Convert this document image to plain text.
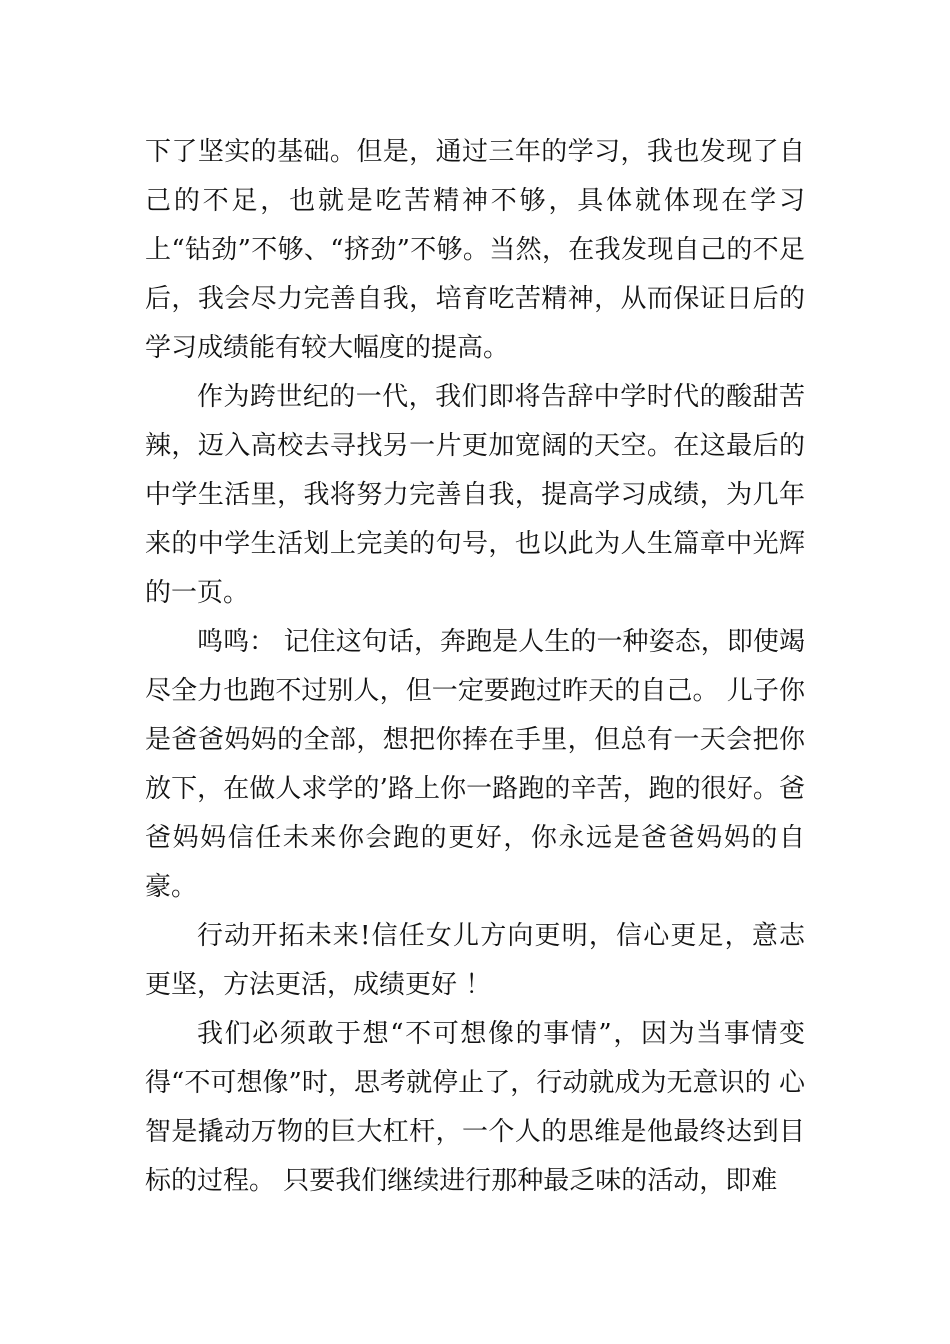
下了坚实的基础。但是，通过三年的学习，我也发现了自己的不足，也就是吃苦精神不够，具体就体现在学习上“钻劲”不够、“挤劲”不够。当然，在我发现自己的不足后，我会尽力完善自我，培育吃苦精神，从而保证日后的学习成绩能有较大幅度的提高。

作为跨世纪的一代，我们即将告辞中学时代的酸甜苦辣，迈入高校去寻找另一片更加宽阔的天空。在这最后的中学生活里，我将努力完善自我，提高学习成绩，为几年来的中学生活划上完美的句号，也以此为人生篇章中光辉的一页。

鸣鸣： 记住这句话，奔跑是人生的一种姿态，即使竭尽全力也跑不过别人，但一定要跑过昨天的自己。 儿子你是爸爸妈妈的全部，想把你捧在手里，但总有一天会把你放下，在做人求学的’路上你一路跑的辛苦，跑的很好。爸爸妈妈信任未来你会跑的更好，你永远是爸爸妈妈的自豪。

行动开拓未来!信任女儿方向更明，信心更足，意志更坚，方法更活，成绩更好 ！

我们必须敢于想“不可想像的事情”，因为当事情变得“不可想像”时，思考就停止了，行动就成为无意识的 心智是撬动万物的巨大杠杆，一个人的思维是他最终达到目标的过程。 只要我们继续进行那种最乏味的活动，即难
